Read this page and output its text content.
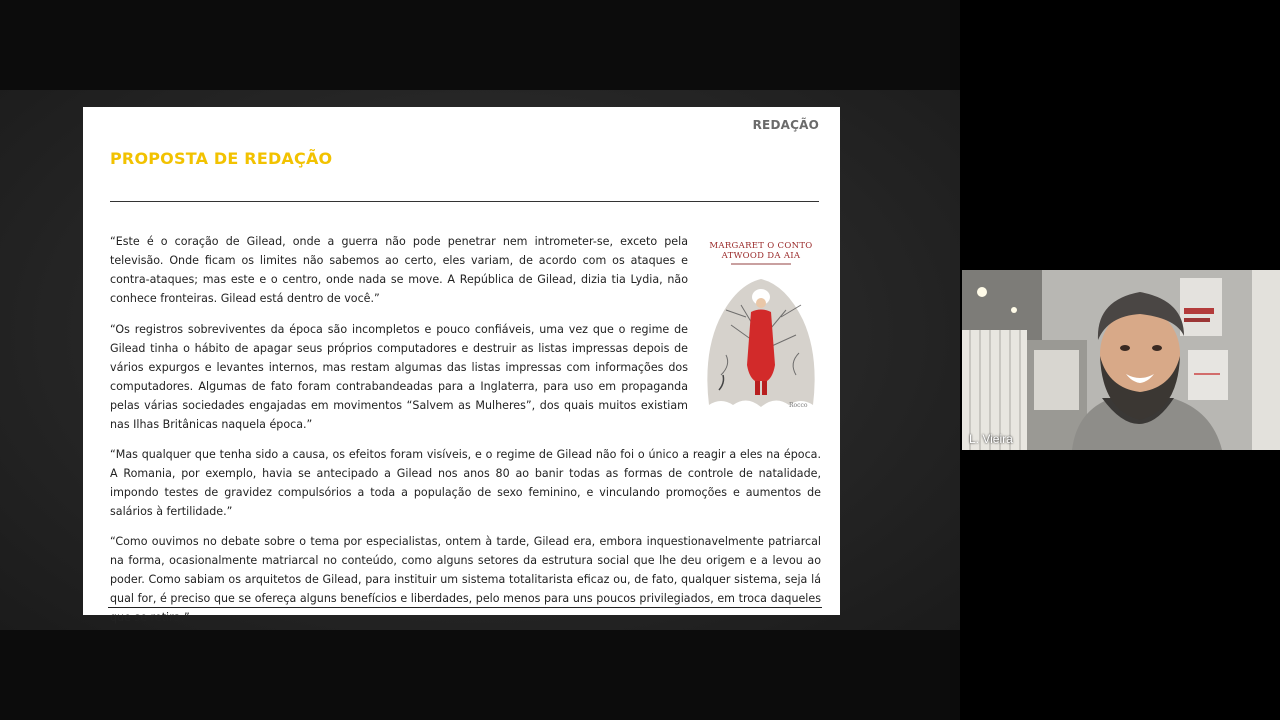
REDAÇÃO
PROPOSTA DE REDAÇÃO

“Este é o coração de Gilead, onde a guerra não pode penetrar nem intrometer-se, exceto pela televisão. Onde ficam os limites não sabemos ao certo, eles variam, de acordo com os ataques e contra-ataques; mas este e o centro, onde nada se move. A República de Gilead, dizia tia Lydia, não conhece fronteiras. Gilead está dentro de você.”

“Os registros sobreviventes da época são incompletos e pouco confiáveis, uma vez que o regime de Gilead tinha o hábito de apagar seus próprios computadores e destruir as listas impressas depois de vários expurgos e levantes internos, mas restam algumas das listas impressas com informações dos computadores. Algumas de fato foram contrabandeadas para a Inglaterra, para uso em propaganda pelas várias sociedades engajadas em movimentos “Salvem as Mulheres”, dos quais muitos existiam nas Ilhas Britânicas naquela época.”

“Mas qualquer que tenha sido a causa, os efeitos foram visíveis, e o regime de Gilead não foi o único a reagir a eles na época. A Romania, por exemplo, havia se antecipado a Gilead nos anos 80 ao banir todas as formas de controle de natalidade, impondo testes de gravidez compulsórios a toda a população de sexo feminino, e vinculando promoções e aumentos de salários à fertilidade.”

“Como ouvimos no debate sobre o tema por especialistas, ontem à tarde, Gilead era, embora inquestionavelmente patriarcal na forma, ocasionalmente matriarcal no conteúdo, como alguns setores da estrutura social que lhe deu origem e a levou ao poder. Como sabiam os arquitetos de Gilead, para instituir um sistema totalitarista eficaz ou, de fato, qualquer sistema, seja lá qual for, é preciso que se ofereça alguns benefícios e liberdades, pelo menos para uns poucos privilegiados, em troca daqueles que se retira.”

MARGARET O CONTO
ATWOOD DA AIA
Rocco
L. Vieira
